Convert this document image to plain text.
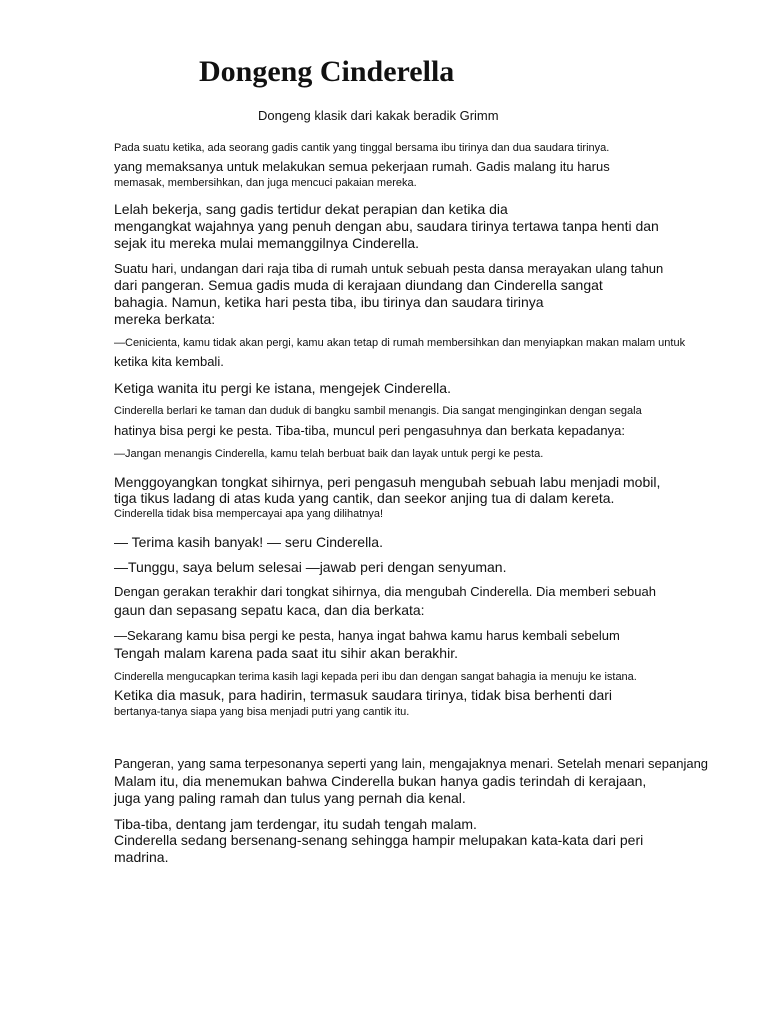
Dongeng Cinderella

Dongeng klasik dari kakak beradik Grimm

Pada suatu ketika, ada seorang gadis cantik yang tinggal bersama ibu tirinya dan dua saudara tirinya.

yang memaksanya untuk melakukan semua pekerjaan rumah. Gadis malang itu harus

memasak, membersihkan, dan juga mencuci pakaian mereka.

Lelah bekerja, sang gadis tertidur dekat perapian dan ketika dia

mengangkat wajahnya yang penuh dengan abu, saudara tirinya tertawa tanpa henti dan

sejak itu mereka mulai memanggilnya Cinderella.

Suatu hari, undangan dari raja tiba di rumah untuk sebuah pesta dansa merayakan ulang tahun

dari pangeran. Semua gadis muda di kerajaan diundang dan Cinderella sangat

bahagia. Namun, ketika hari pesta tiba, ibu tirinya dan saudara tirinya

mereka berkata:

—Cenicienta, kamu tidak akan pergi, kamu akan tetap di rumah membersihkan dan menyiapkan makan malam untuk

ketika kita kembali.

Ketiga wanita itu pergi ke istana, mengejek Cinderella.

Cinderella berlari ke taman dan duduk di bangku sambil menangis. Dia sangat menginginkan dengan segala

hatinya bisa pergi ke pesta. Tiba-tiba, muncul peri pengasuhnya dan berkata kepadanya:

—Jangan menangis Cinderella, kamu telah berbuat baik dan layak untuk pergi ke pesta.

Menggoyangkan tongkat sihirnya, peri pengasuh mengubah sebuah labu menjadi mobil,

tiga tikus ladang di atas kuda yang cantik, dan seekor anjing tua di dalam kereta.

Cinderella tidak bisa mempercayai apa yang dilihatnya!

— Terima kasih banyak! — seru Cinderella.

—Tunggu, saya belum selesai —jawab peri dengan senyuman.

Dengan gerakan terakhir dari tongkat sihirnya, dia mengubah Cinderella. Dia memberi sebuah

gaun dan sepasang sepatu kaca, dan dia berkata:

—Sekarang kamu bisa pergi ke pesta, hanya ingat bahwa kamu harus kembali sebelum

Tengah malam karena pada saat itu sihir akan berakhir.

Cinderella mengucapkan terima kasih lagi kepada peri ibu dan dengan sangat bahagia ia menuju ke istana.

Ketika dia masuk, para hadirin, termasuk saudara tirinya, tidak bisa berhenti dari

bertanya-tanya siapa yang bisa menjadi putri yang cantik itu.

Pangeran, yang sama terpesonanya seperti yang lain, mengajaknya menari. Setelah menari sepanjang

Malam itu, dia menemukan bahwa Cinderella bukan hanya gadis terindah di kerajaan,

juga yang paling ramah dan tulus yang pernah dia kenal.

Tiba-tiba, dentang jam terdengar, itu sudah tengah malam.

Cinderella sedang bersenang-senang sehingga hampir melupakan kata-kata dari peri

madrina.
